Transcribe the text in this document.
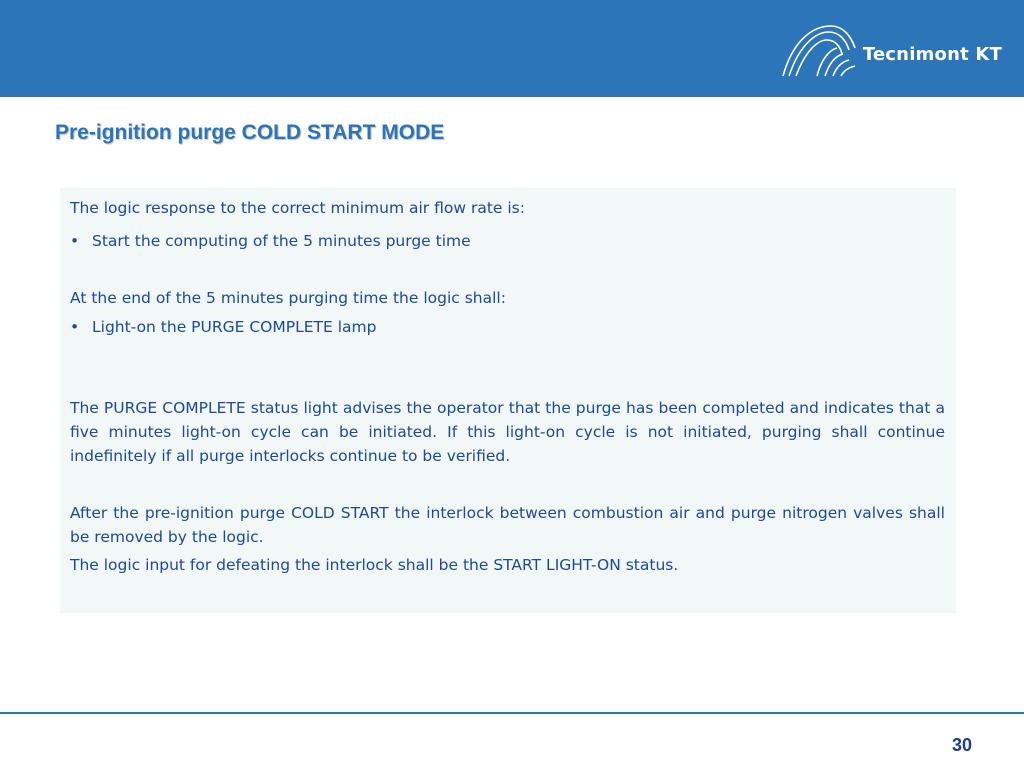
Tecnimont KT
Pre-ignition purge COLD START MODE

The logic response to the correct minimum air flow rate is:

• Start the computing of the 5 minutes purge time

At the end of the 5 minutes purging time the logic shall:

• Light-on the PURGE COMPLETE lamp

The PURGE COMPLETE status light advises the operator that the purge has been completed and indicates that a five minutes light-on cycle can be initiated. If this light-on cycle is not initiated, purging shall continue indefinitely if all purge interlocks continue to be verified.

After the pre-ignition purge COLD START the interlock between combustion air and purge nitrogen valves shall be removed by the logic.

The logic input for defeating the interlock shall be the START LIGHT-ON status.

30
